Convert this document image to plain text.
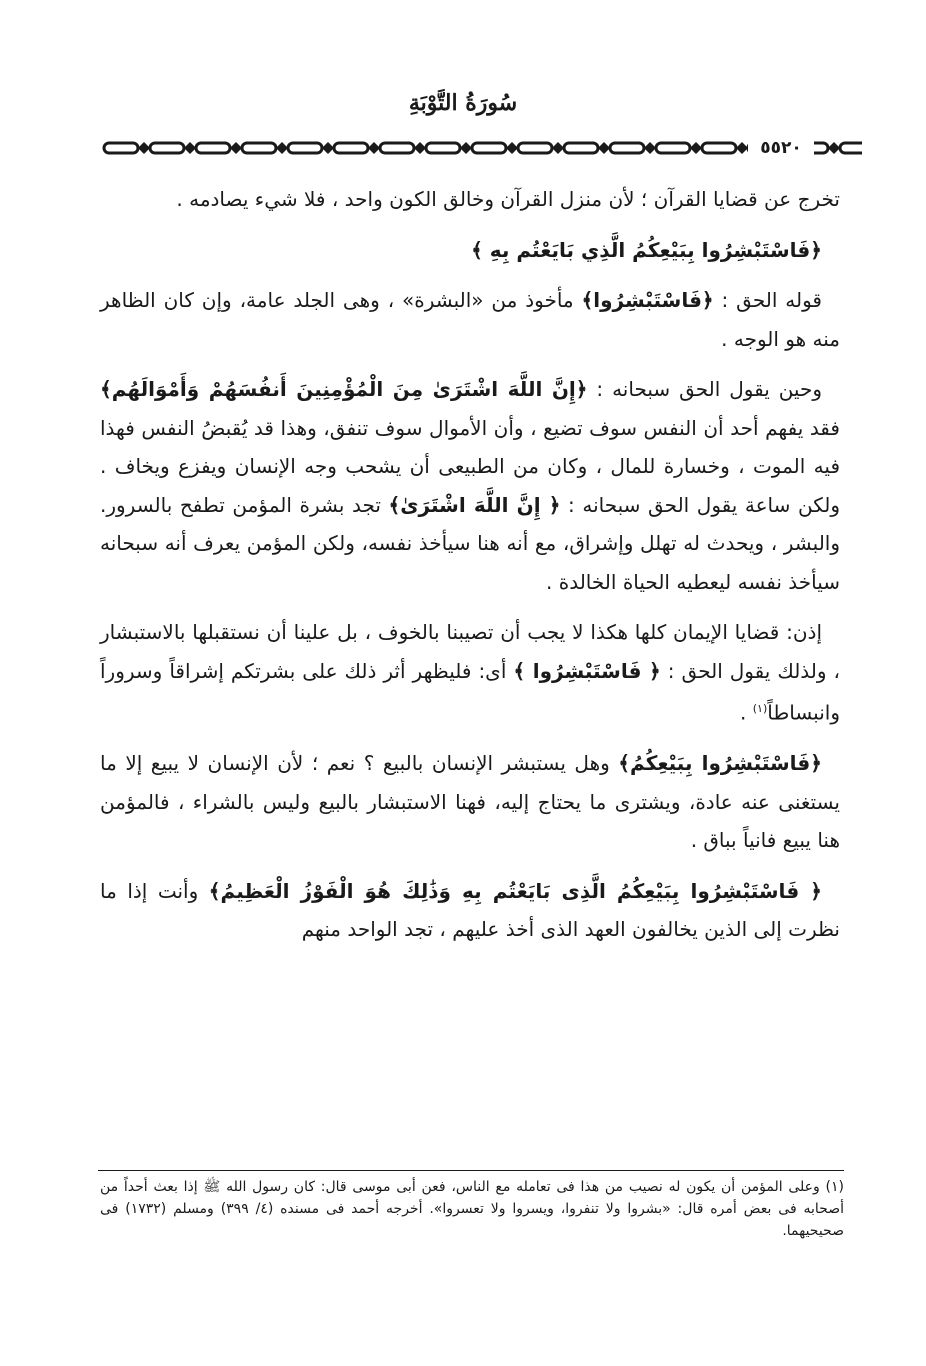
سُورَةُ التَّوْبَةِ
٥٥٢٠

تخرج عن قضايا القرآن ؛ لأن منزل القرآن وخالق الكون واحد ، فلا شيء يصادمه .

﴿فَاسْتَبْشِرُوا بِبَيْعِكُمُ الَّذِي بَايَعْتُم بِهِ ﴾

قوله الحق : ﴿فَاسْتَبْشِرُوا﴾ مأخوذ من «البشرة» ، وهى الجلد عامة، وإن كان الظاهر منه هو الوجه .

وحين يقول الحق سبحانه : ﴿إِنَّ اللَّهَ اشْتَرَىٰ مِنَ الْمُؤْمِنِينَ أَنفُسَهُمْ وَأَمْوَالَهُم﴾ فقد يفهم أحد أن النفس سوف تضيع ، وأن الأموال سوف تنفق، وهذا قد يُقبضُ النفس فهذا فيه الموت ، وخسارة للمال ، وكان من الطبيعى أن يشحب وجه الإنسان ويفزع ويخاف . ولكن ساعة يقول الحق سبحانه : ﴿ إِنَّ اللَّهَ اشْتَرَىٰ﴾ تجد بشرة المؤمن تطفح بالسرور. والبشر ، ويحدث له تهلل وإشراق، مع أنه هنا سيأخذ نفسه، ولكن المؤمن يعرف أنه سبحانه سيأخذ نفسه ليعطيه الحياة الخالدة .

إذن: قضايا الإيمان كلها هكذا لا يجب أن تصيبنا بالخوف ، بل علينا أن نستقبلها بالاستبشار ، ولذلك يقول الحق : ﴿ فَاسْتَبْشِرُوا ﴾ أى: فليظهر أثر ذلك على بشرتكم إشراقاً وسروراً وانبساطاً$^{(١)}$ .

﴿فَاسْتَبْشِرُوا بِبَيْعِكُمُ﴾ وهل يستبشر الإنسان بالبيع ؟ نعم ؛ لأن الإنسان لا يبيع إلا ما يستغنى عنه عادة، ويشترى ما يحتاج إليه، فهنا الاستبشار بالبيع وليس بالشراء ، فالمؤمن هنا يبيع فانياً بباق .

﴿ فَاسْتَبْشِرُوا بِبَيْعِكُمُ الَّذِى بَايَعْتُم بِهِ وَذَٰلِكَ هُوَ الْفَوْزُ الْعَظِيمُ﴾ وأنت إذا ما نظرت إلى الذين يخالفون العهد الذى أخذ عليهم ، تجد الواحد منهم

(١) وعلى المؤمن أن يكون له نصيب من هذا فى تعامله مع الناس، فعن أبى موسى قال: كان رسول الله ﷺ إذا بعث أحداً من أصحابه فى بعض أمره قال: «بشروا ولا تنفروا، ويسروا ولا تعسروا». أخرجه أحمد فى مسنده (٤/ ٣٩٩) ومسلم (١٧٣٢) فى صحيحيهما.
